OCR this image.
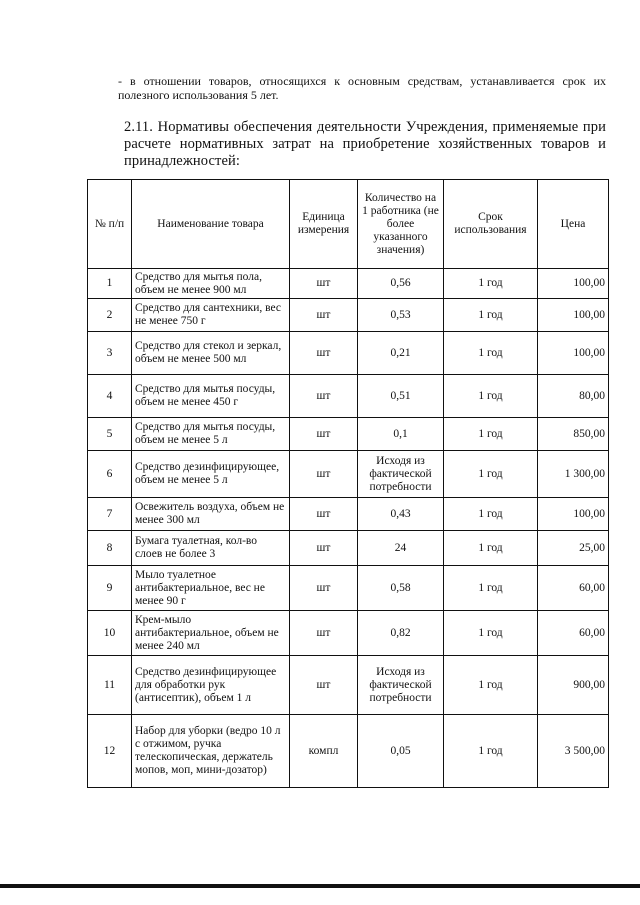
- в отношении товаров, относящихся к основным средствам, устанавливается срок их полезного использования 5 лет.
2.11. Нормативы обеспечения деятельности Учреждения, применяемые при расчете нормативных затрат на приобретение хозяйственных товаров и принадлежностей:
№ п/п	Наименование товара	Единица измерения	Количество на 1 работника (не более указанного значения)	Срок использования	Цена
1	Средство для мытья пола, объем не менее 900 мл	шт	0,56	1 год	100,00
2	Средство для сантехники, вес не менее 750 г	шт	0,53	1 год	100,00
3	Средство для стекол и зеркал, объем не менее 500 мл	шт	0,21	1 год	100,00
4	Средство для мытья посуды, объем не менее 450 г	шт	0,51	1 год	80,00
5	Средство для мытья посуды, объем не менее 5 л	шт	0,1	1 год	850,00
6	Средство дезинфицирующее, объем не менее 5 л	шт	Исходя из фактической потребности	1 год	1 300,00
7	Освежитель воздуха, объем не менее 300 мл	шт	0,43	1 год	100,00
8	Бумага туалетная, кол-во слоев не более 3	шт	24	1 год	25,00
9	Мыло туалетное антибактериальное, вес не менее 90 г	шт	0,58	1 год	60,00
10	Крем-мыло антибактериальное, объем не менее 240 мл	шт	0,82	1 год	60,00
11	Средство дезинфицирующее для обработки рук (антисептик), объем 1 л	шт	Исходя из фактической потребности	1 год	900,00
12	Набор для уборки (ведро 10 л с отжимом, ручка телескопическая, держатель мопов, моп, мини-дозатор)	компл	0,05	1 год	3 500,00
